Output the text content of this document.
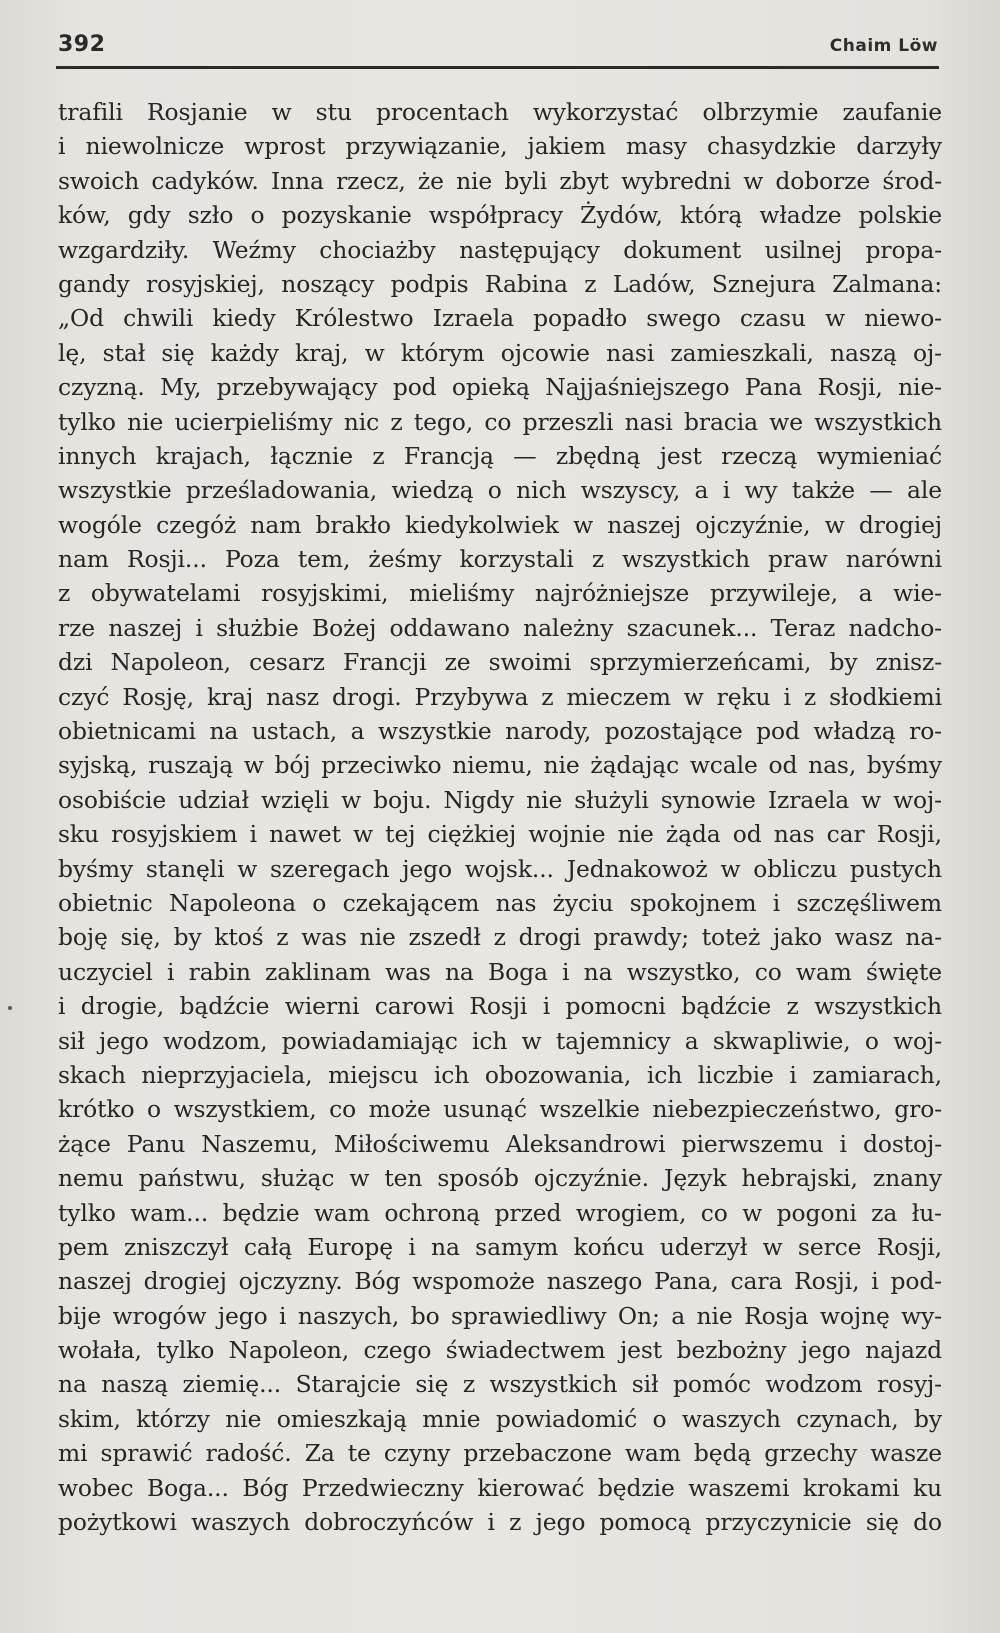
392	Chaim Löw
trafili Rosjanie w stu procentach wykorzystać olbrzymie zaufanie
i niewolnicze wprost przywiązanie, jakiem masy chasydzkie darzyły
swoich cadyków. Inna rzecz, że nie byli zbyt wybredni w doborze środ-
ków, gdy szło o pozyskanie współpracy Żydów, którą władze polskie
wzgardziły. Weźmy chociażby następujący dokument usilnej propa-
gandy rosyjskiej, noszący podpis Rabina z Ladów, Sznejura Zalmana:
„Od chwili kiedy Królestwo Izraela popadło swego czasu w niewo-
lę, stał się każdy kraj, w którym ojcowie nasi zamieszkali, naszą oj-
czyzną. My, przebywający pod opieką Najjaśniejszego Pana Rosji, nie-
tylko nie ucierpieliśmy nic z tego, co przeszli nasi bracia we wszystkich
innych krajach, łącznie z Francją — zbędną jest rzeczą wymieniać
wszystkie prześladowania, wiedzą o nich wszyscy, a i wy także — ale
wogóle czegóż nam brakło kiedykolwiek w naszej ojczyźnie, w drogiej
nam Rosji... Poza tem, żeśmy korzystali z wszystkich praw narówni
z obywatelami rosyjskimi, mieliśmy najróżniejsze przywileje, a wie-
rze naszej i służbie Bożej oddawano należny szacunek... Teraz nadcho-
dzi Napoleon, cesarz Francji ze swoimi sprzymierzeńcami, by znisz-
czyć Rosję, kraj nasz drogi. Przybywa z mieczem w ręku i z słodkiemi
obietnicami na ustach, a wszystkie narody, pozostające pod władzą ro-
syjską, ruszają w bój przeciwko niemu, nie żądając wcale od nas, byśmy
osobiście udział wzięli w boju. Nigdy nie służyli synowie Izraela w woj-
sku rosyjskiem i nawet w tej ciężkiej wojnie nie żąda od nas car Rosji,
byśmy stanęli w szeregach jego wojsk... Jednakowoż w obliczu pustych
obietnic Napoleona o czekającem nas życiu spokojnem i szczęśliwem
boję się, by ktoś z was nie zszedł z drogi prawdy; toteż jako wasz na-
uczyciel i rabin zaklinam was na Boga i na wszystko, co wam święte
i drogie, bądźcie wierni carowi Rosji i pomocni bądźcie z wszystkich
sił jego wodzom, powiadamiając ich w tajemnicy a skwapliwie, o woj-
skach nieprzyjaciela, miejscu ich obozowania, ich liczbie i zamiarach,
krótko o wszystkiem, co może usunąć wszelkie niebezpieczeństwo, gro-
żące Panu Naszemu, Miłościwemu Aleksandrowi pierwszemu i dostoj-
nemu państwu, służąc w ten sposób ojczyźnie. Język hebrajski, znany
tylko wam... będzie wam ochroną przed wrogiem, co w pogoni za łu-
pem zniszczył całą Europę i na samym końcu uderzył w serce Rosji,
naszej drogiej ojczyzny. Bóg wspomoże naszego Pana, cara Rosji, i pod-
bije wrogów jego i naszych, bo sprawiedliwy On; a nie Rosja wojnę wy-
wołała, tylko Napoleon, czego świadectwem jest bezbożny jego najazd
na naszą ziemię... Starajcie się z wszystkich sił pomóc wodzom rosyj-
skim, którzy nie omieszkają mnie powiadomić o waszych czynach, by
mi sprawić radość. Za te czyny przebaczone wam będą grzechy wasze
wobec Boga... Bóg Przedwieczny kierować będzie waszemi krokami ku
pożytkowi waszych dobroczyńców i z jego pomocą przyczynicie się do
